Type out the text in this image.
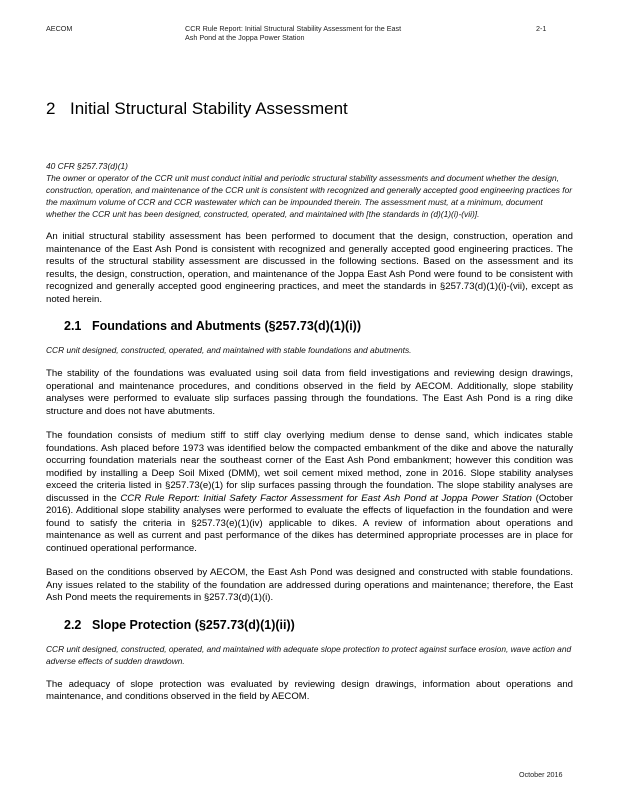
AECOM	CCR Rule Report: Initial Structural Stability Assessment for the East
Ash Pond at the Joppa Power Station
2-1
2 Initial Structural Stability Assessment
40 CFR §257.73(d)(1)
The owner or operator of the CCR unit must conduct initial and periodic structural stability assessments and document whether the design, construction, operation, and maintenance of the CCR unit is consistent with recognized and generally accepted good engineering practices for the maximum volume of CCR and CCR wastewater which can be impounded therein. The assessment must, at a minimum, document whether the CCR unit has been designed, constructed, operated, and maintained with [the standards in (d)(1)(i)-(vii)].

An initial structural stability assessment has been performed to document that the design, construction, operation and maintenance of the East Ash Pond is consistent with recognized and generally accepted good engineering practices. The results of the structural stability assessment are discussed in the following sections. Based on the assessment and its results, the design, construction, operation, and maintenance of the Joppa East Ash Pond were found to be consistent with recognized and generally accepted good engineering practices, and meet the standards in §257.73(d)(1)(i)-(vii), except as noted herein.

2.1 Foundations and Abutments (§257.73(d)(1)(i))
CCR unit designed, constructed, operated, and maintained with stable foundations and abutments.

The stability of the foundations was evaluated using soil data from field investigations and reviewing design drawings, operational and maintenance procedures, and conditions observed in the field by AECOM. Additionally, slope stability analyses were performed to evaluate slip surfaces passing through the foundations. The East Ash Pond is a ring dike structure and does not have abutments.

The foundation consists of medium stiff to stiff clay overlying medium dense to dense sand, which indicates stable foundations. Ash placed before 1973 was identified below the compacted embankment of the dike and above the naturally occurring foundation materials near the southeast corner of the East Ash Pond embankment; however this condition was modified by installing a Deep Soil Mixed (DMM), wet soil cement mixed method, zone in 2016. Slope stability analyses exceed the criteria listed in §257.73(e)(1) for slip surfaces passing through the foundation. The slope stability analyses are discussed in the CCR Rule Report: Initial Safety Factor Assessment for East Ash Pond at Joppa Power Station (October 2016). Additional slope stability analyses were performed to evaluate the effects of liquefaction in the foundation and were found to satisfy the criteria in §257.73(e)(1)(iv) applicable to dikes. A review of information about operations and maintenance as well as current and past performance of the dikes has determined appropriate processes are in place for continued operational performance.

Based on the conditions observed by AECOM, the East Ash Pond was designed and constructed with stable foundations. Any issues related to the stability of the foundation are addressed during operations and maintenance; therefore, the East Ash Pond meets the requirements in §257.73(d)(1)(i).

2.2 Slope Protection (§257.73(d)(1)(ii))
CCR unit designed, constructed, operated, and maintained with adequate slope protection to protect against surface erosion, wave action and adverse effects of sudden drawdown.

The adequacy of slope protection was evaluated by reviewing design drawings, information about operations and maintenance, and conditions observed in the field by AECOM.

October 2016
